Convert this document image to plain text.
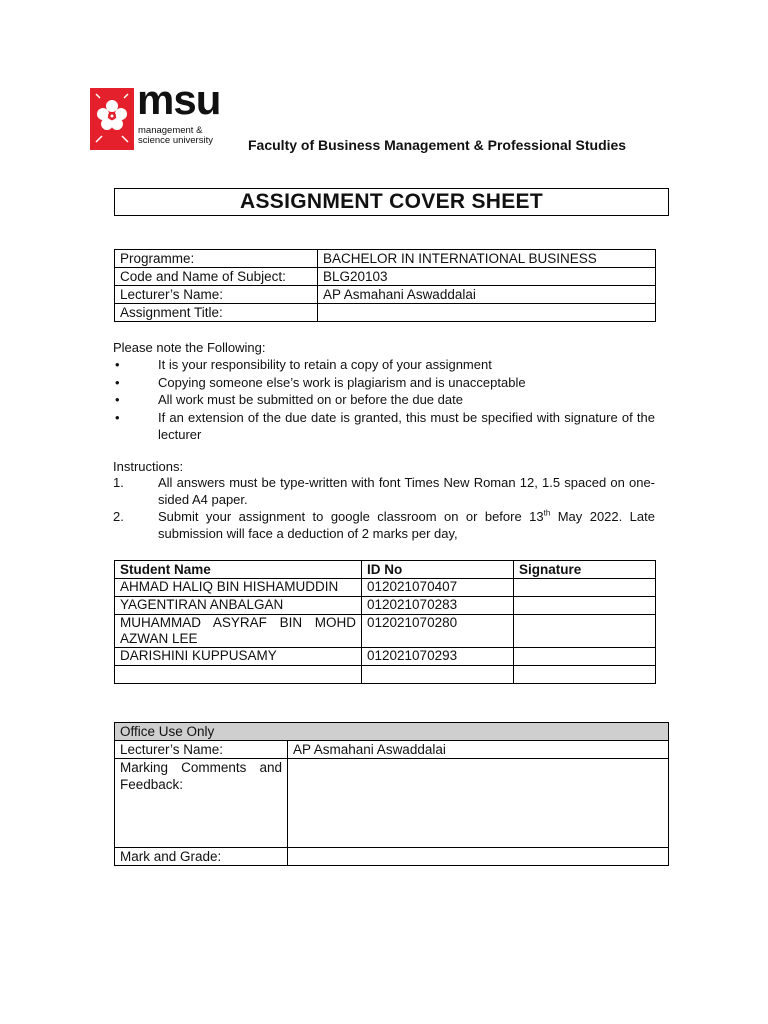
msu
management &
science university	Faculty of Business Management & Professional Studies
ASSIGNMENT COVER SHEET
Programme:	BACHELOR IN INTERNATIONAL BUSINESS
Code and Name of Subject:	BLG20103
Lecturer’s Name:	AP Asmahani Aswaddalai
Assignment Title:	
Please note the Following:
•	It is your responsibility to retain a copy of your assignment
•	Copying someone else’s work is plagiarism and is unacceptable
•	All work must be submitted on or before the due date
•	If an extension of the due date is granted, this must be specified with signature of the lecturer
Instructions:
1.	All answers must be type-written with font Times New Roman 12, 1.5 spaced on one-sided A4 paper.
2.	Submit your assignment to google classroom on or before 13th May 2022. Late submission will face a deduction of 2 marks per day,
Student Name	ID No	Signature
AHMAD HALIQ BIN HISHAMUDDIN	012021070407	
YAGENTIRAN ANBALGAN	012021070283	
MUHAMMAD ASYRAF BIN MOHD AZWAN LEE	012021070280	
DARISHINI KUPPUSAMY	012021070293	

Office Use Only	
Lecturer’s Name:	AP Asmahani Aswaddalai
Marking Comments and Feedback:	
Mark and Grade:	
